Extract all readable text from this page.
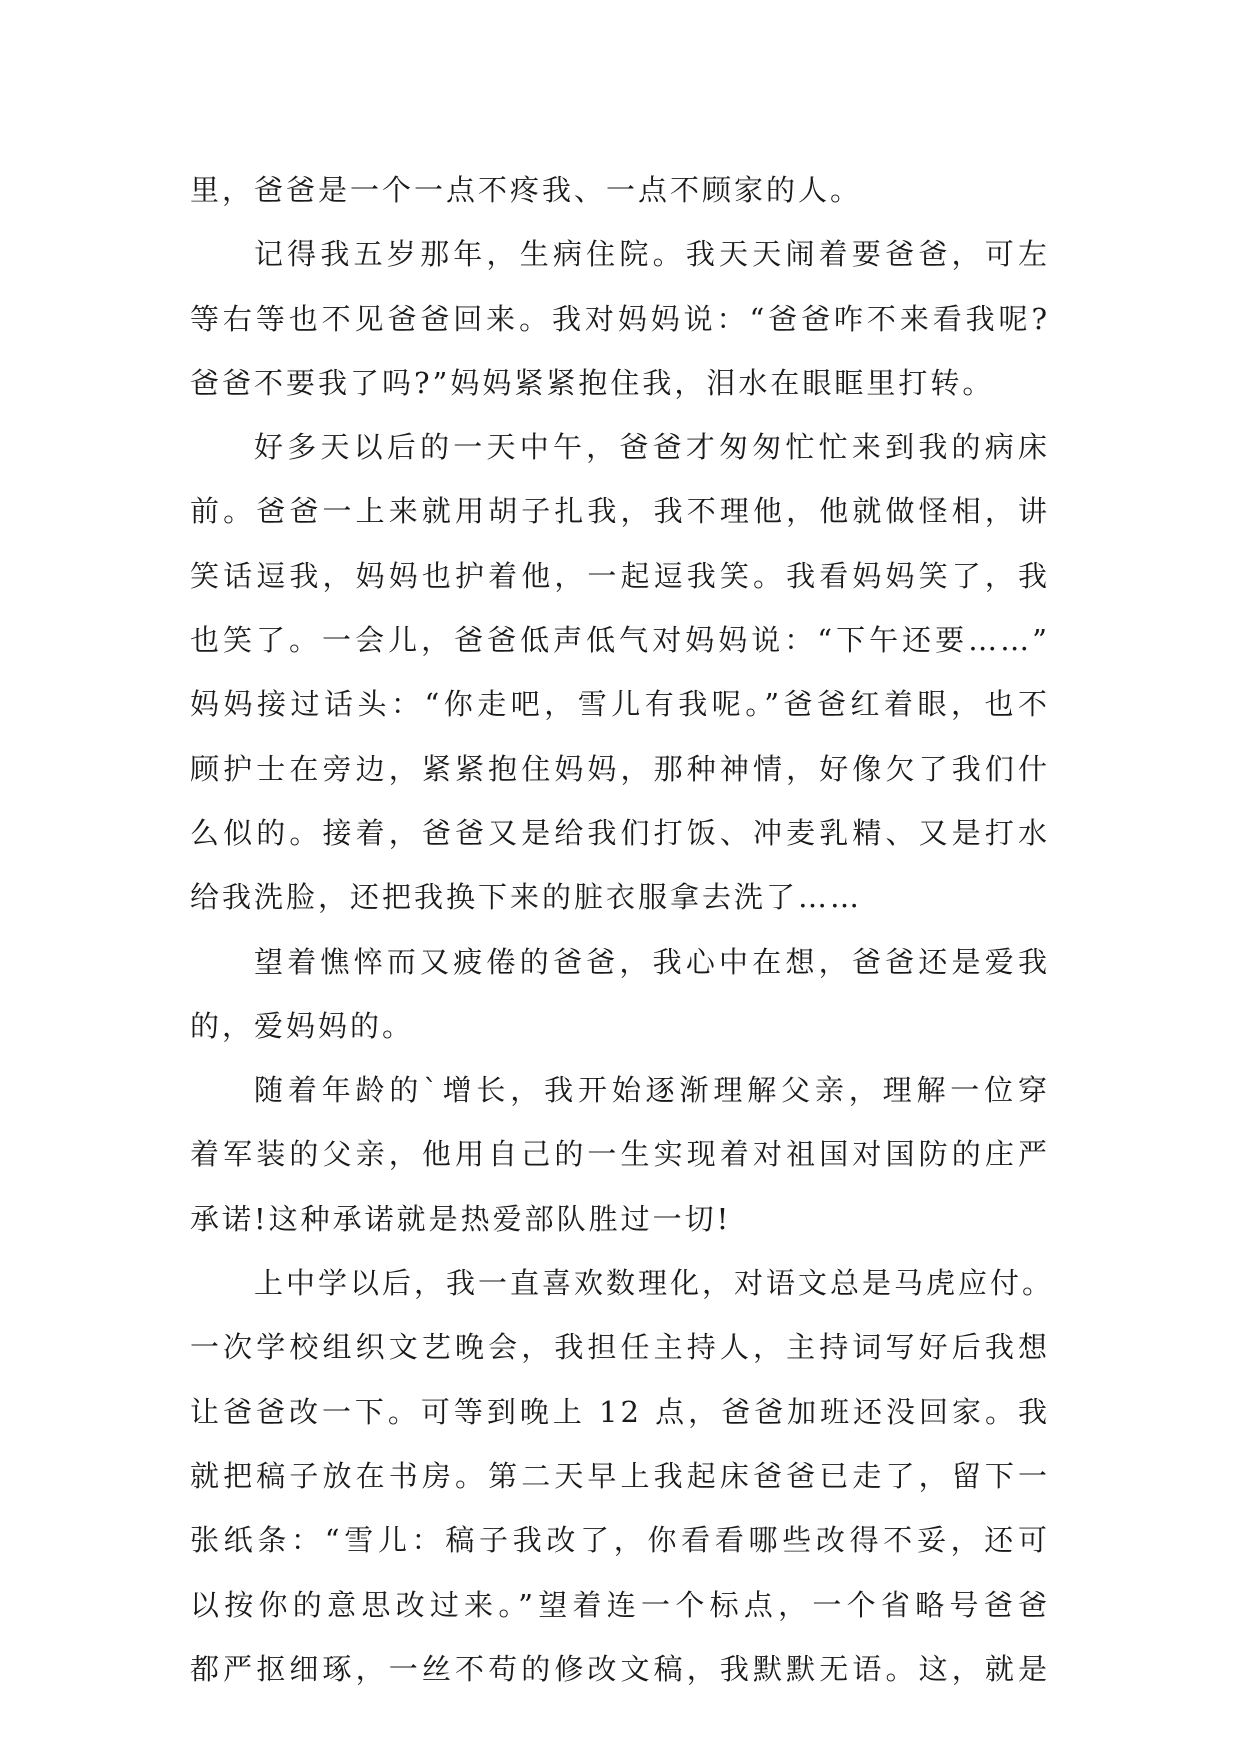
里，爸爸是一个一点不疼我、一点不顾家的人。
记得我五岁那年，生病住院。我天天闹着要爸爸，可左
等右等也不见爸爸回来。我对妈妈说：“爸爸咋不来看我呢?
爸爸不要我了吗?”妈妈紧紧抱住我，泪水在眼眶里打转。
好多天以后的一天中午，爸爸才匆匆忙忙来到我的病床
前。爸爸一上来就用胡子扎我，我不理他，他就做怪相，讲
笑话逗我，妈妈也护着他，一起逗我笑。我看妈妈笑了，我
也笑了。一会儿，爸爸低声低气对妈妈说：“下午还要……”
妈妈接过话头：“你走吧，雪儿有我呢。”爸爸红着眼，也不
顾护士在旁边，紧紧抱住妈妈，那种神情，好像欠了我们什
么似的。接着，爸爸又是给我们打饭、冲麦乳精、又是打水
给我洗脸，还把我换下来的脏衣服拿去洗了……
望着憔悴而又疲倦的爸爸，我心中在想，爸爸还是爱我
的，爱妈妈的。
随着年龄的`增长，我开始逐渐理解父亲，理解一位穿
着军装的父亲，他用自己的一生实现着对祖国对国防的庄严
承诺!这种承诺就是热爱部队胜过一切!
上中学以后，我一直喜欢数理化，对语文总是马虎应付。
一次学校组织文艺晚会，我担任主持人，主持词写好后我想
让爸爸改一下。可等到晚上 12 点，爸爸加班还没回家。我
就把稿子放在书房。第二天早上我起床爸爸已走了，留下一
张纸条：“雪儿：稿子我改了，你看看哪些改得不妥，还可
以按你的意思改过来。”望着连一个标点，一个省略号爸爸
都严抠细琢，一丝不苟的修改文稿，我默默无语。这，就是
